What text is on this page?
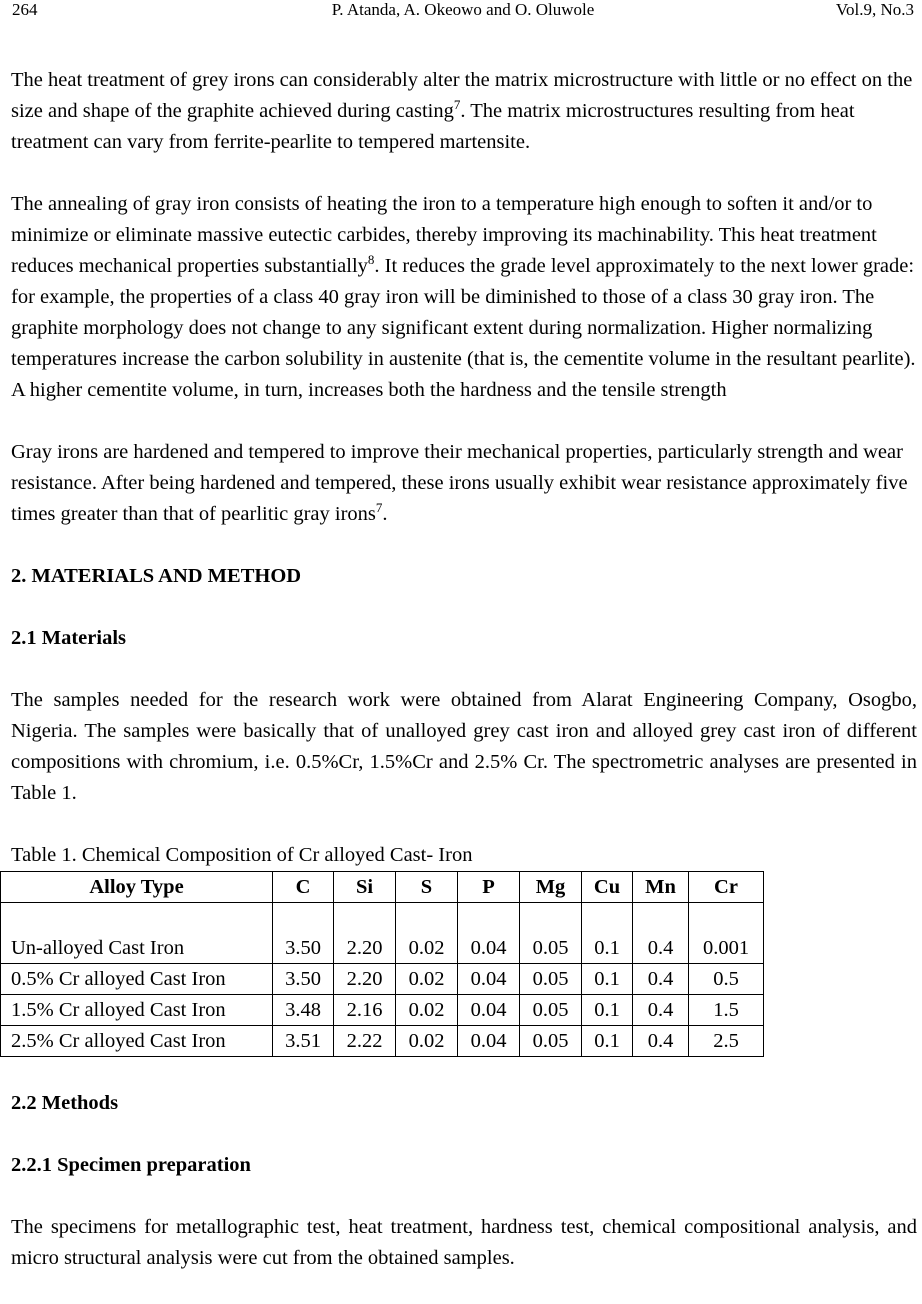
264	P. Atanda, A. Okeowo and O. Oluwole	Vol.9, No.3

The heat treatment of grey irons can considerably alter the matrix microstructure with little or no effect on the size and shape of the graphite achieved during casting$^7$. The matrix microstructures resulting from heat treatment can vary from ferrite-pearlite to tempered martensite.

The annealing of gray iron consists of heating the iron to a temperature high enough to soften it and/or to minimize or eliminate massive eutectic carbides, thereby improving its machinability. This heat treatment reduces mechanical properties substantially$^8$. It reduces the grade level approximately to the next lower grade: for example, the properties of a class 40 gray iron will be diminished to those of a class 30 gray iron. The graphite morphology does not change to any significant extent during normalization. Higher normalizing temperatures increase the carbon solubility in austenite (that is, the cementite volume in the resultant pearlite). A higher cementite volume, in turn, increases both the hardness and the tensile strength

Gray irons are hardened and tempered to improve their mechanical properties, particularly strength and wear resistance. After being hardened and tempered, these irons usually exhibit wear resistance approximately five times greater than that of pearlitic gray irons$^7$.

2. MATERIALS AND METHOD
2.1 Materials

The samples needed for the research work were obtained from Alarat Engineering Company, Osogbo, Nigeria. The samples were basically that of unalloyed grey cast iron and alloyed grey cast iron of different compositions with chromium, i.e. 0.5%Cr, 1.5%Cr and 2.5% Cr. The spectrometric analyses are presented in Table 1.

Table 1. Chemical Composition of Cr alloyed Cast- Iron

Alloy Type	C	Si	S	P	Mg	Cu	Mn	Cr
Un-alloyed Cast Iron	3.50	2.20	0.02	0.04	0.05	0.1	0.4	0.001
0.5% Cr alloyed Cast Iron	3.50	2.20	0.02	0.04	0.05	0.1	0.4	0.5
1.5% Cr alloyed Cast Iron	3.48	2.16	0.02	0.04	0.05	0.1	0.4	1.5
2.5% Cr alloyed Cast Iron	3.51	2.22	0.02	0.04	0.05	0.1	0.4	2.5
2.2 Methods
2.2.1 Specimen preparation

The specimens for metallographic test, heat treatment, hardness test, chemical compositional analysis, and micro structural analysis were cut from the obtained samples.
